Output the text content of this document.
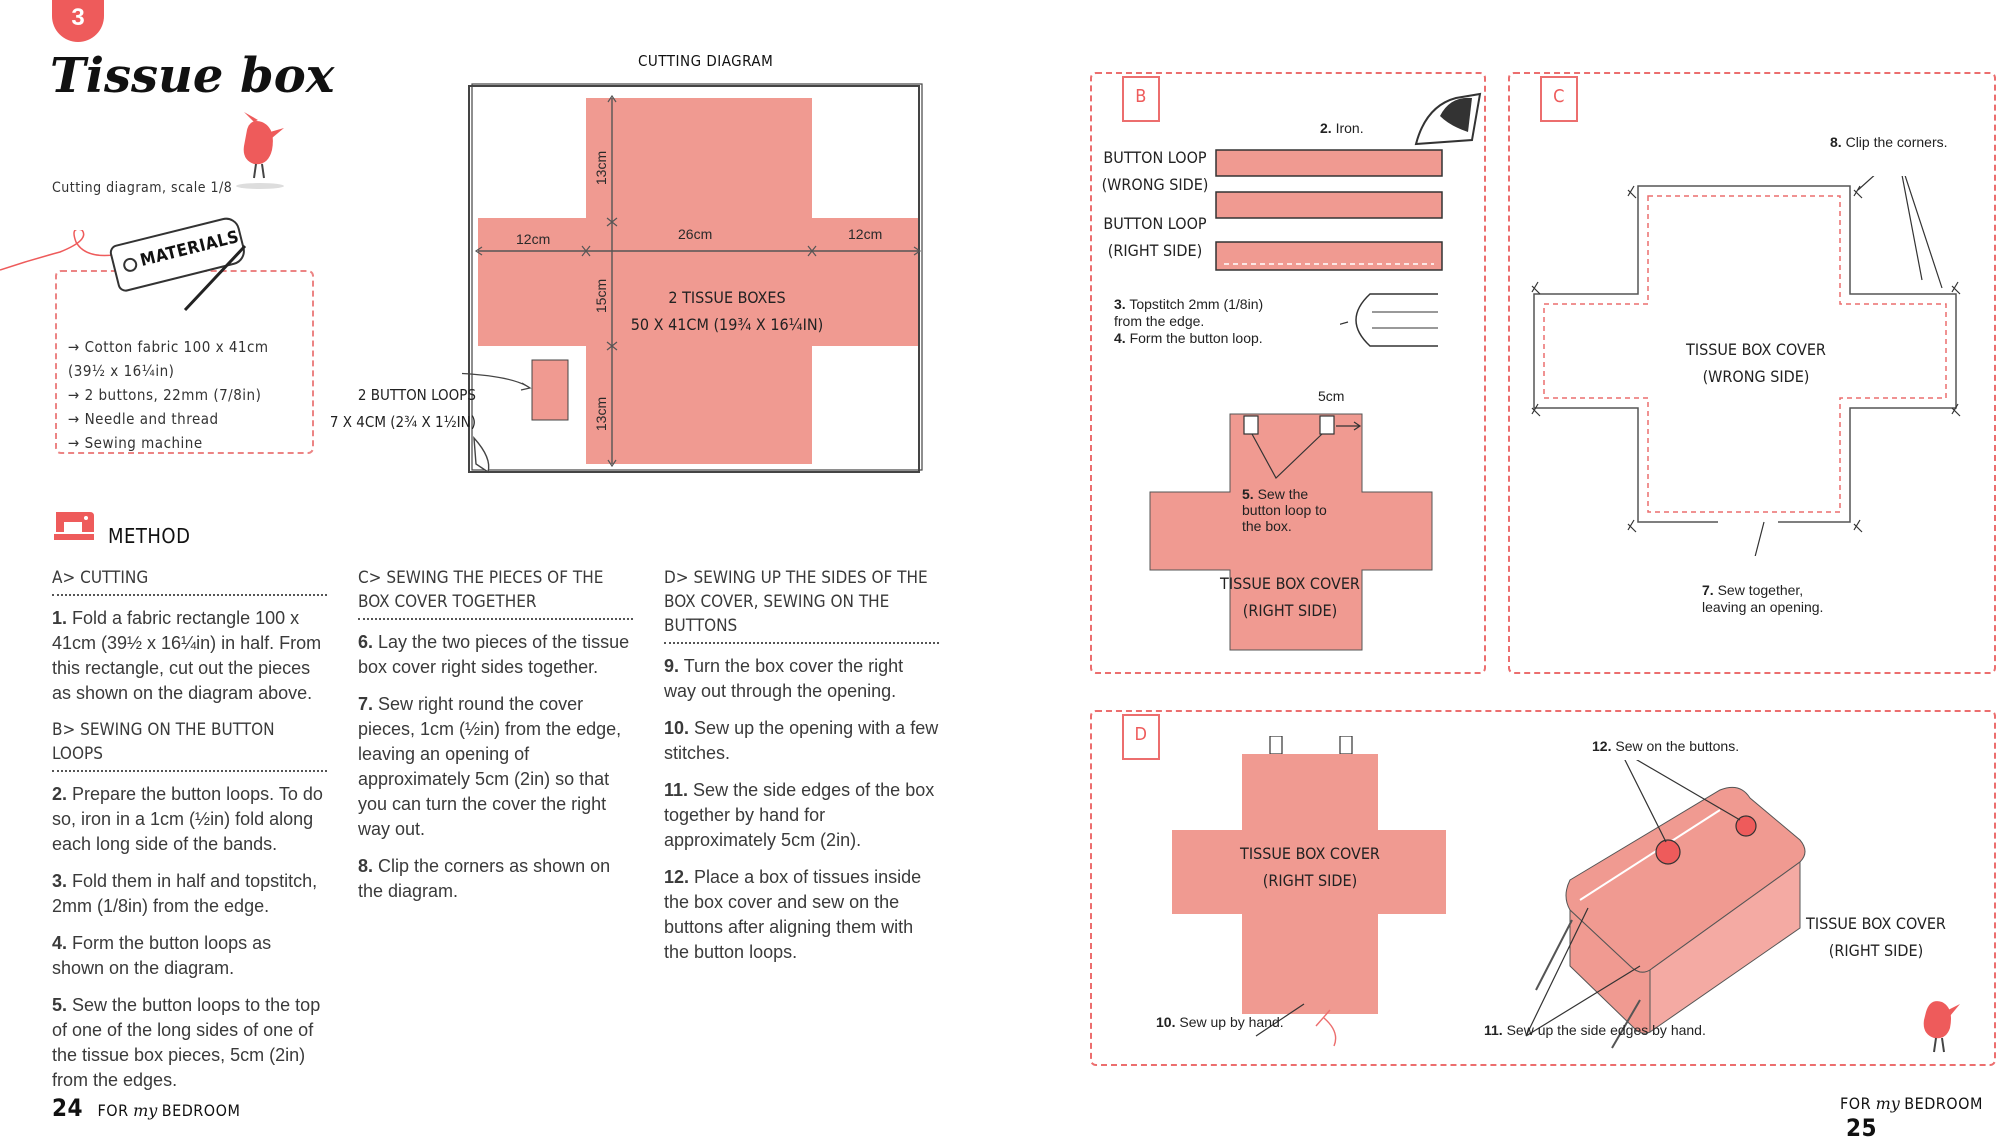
3
Tissue box
Cutting diagram, scale 1/8
MATERIALS
→ Cotton fabric 100 x 41cm (39½ x 16¼in)
→ 2 buttons, 22mm (7/8in)
→ Needle and thread
→ Sewing machine
CUTTING DIAGRAM
12cm	26cm	12cm
13cm
15cm
13cm
2 TISSUE BOXES
50 X 41CM (19¾ X 16¼IN)
2 BUTTON LOOPS
7 X 4CM (2¾ X 1½IN)
METHOD
A> CUTTING

1. Fold a fabric rectangle 100 x 41cm (39½ x 16¼in) in half. From this rectangle, cut out the pieces as shown on the diagram above.

B> SEWING ON THE BUTTON LOOPS

2. Prepare the button loops. To do so, iron in a 1cm (½in) fold along each long side of the bands.

3. Fold them in half and topstitch, 2mm (1/8in) from the edge.

4. Form the button loops as shown on the diagram.

5. Sew the button loops to the top of one of the long sides of one of the tissue box pieces, 5cm (2in) from the edges.

C> SEWING THE PIECES OF THE BOX COVER TOGETHER

6. Lay the two pieces of the tissue box cover right sides together.

7. Sew right round the cover pieces, 1cm (½in) from the edge, leaving an opening of approximately 5cm (2in) so that you can turn the cover the right way out.

8. Clip the corners as shown on the diagram.

D> SEWING UP THE SIDES OF THE BOX COVER, SEWING ON THE BUTTONS

9. Turn the box cover the right way out through the opening.

10. Sew up the opening with a few stitches.

11. Sew the side edges of the box together by hand for approximately 5cm (2in).

12. Place a box of tissues inside the box cover and sew on the buttons after aligning them with the button loops.

24 FOR my BEDROOM
B
2. Iron.
BUTTON LOOP
(WRONG SIDE)
BUTTON LOOP
(RIGHT SIDE)
3. Topstitch 2mm (1/8in)
from the edge.
4. Form the button loop.
5cm
5. Sew the
button loop to
the box.
TISSUE BOX COVER
(RIGHT SIDE)
C
8. Clip the corners.
TISSUE BOX COVER
(WRONG SIDE)
7. Sew together,
leaving an opening.
D
TISSUE BOX COVER
(RIGHT SIDE)
10. Sew up by hand.
12. Sew on the buttons.
TISSUE BOX COVER
(RIGHT SIDE)
11. Sew up the side edges by hand.
FOR my BEDROOM 25
